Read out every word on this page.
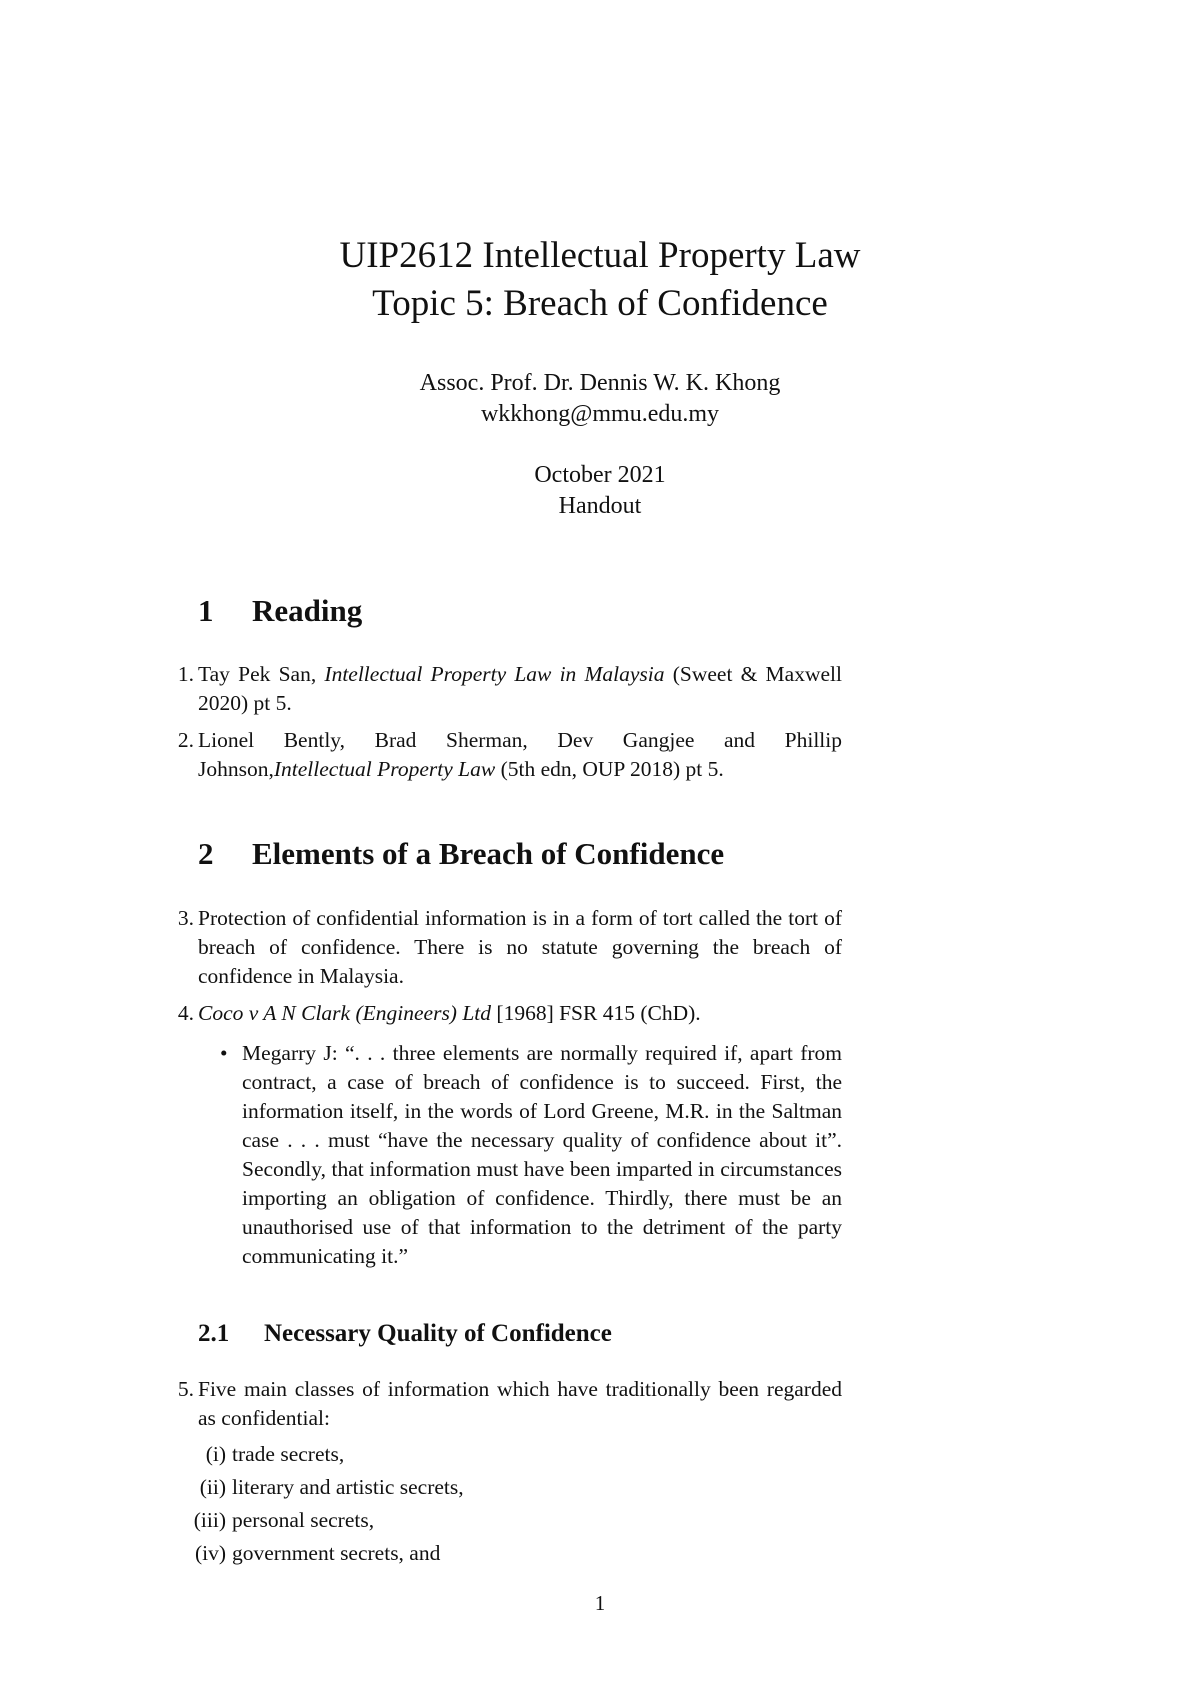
UIP2612 Intellectual Property Law
Topic 5: Breach of Confidence

Assoc. Prof. Dr. Dennis W. K. Khong

wkkhong@mmu.edu.my

October 2021

Handout

1 Reading

1. Tay Pek San, Intellectual Property Law in Malaysia (Sweet & Maxwell 2020) pt 5.

2. Lionel Bently, Brad Sherman, Dev Gangjee and Phillip Johnson,Intellectual Property Law (5th edn, OUP 2018) pt 5.

2 Elements of a Breach of Confidence

3. Protection of confidential information is in a form of tort called the tort of breach of confidence. There is no statute governing the breach of confidence in Malaysia.

4. Coco v A N Clark (Engineers) Ltd [1968] FSR 415 (ChD).

• Megarry J: “. . . three elements are normally required if, apart from contract, a case of breach of confidence is to succeed. First, the information itself, in the words of Lord Greene, M.R. in the Saltman case . . . must “have the necessary quality of confidence about it”. Secondly, that information must have been imparted in circumstances importing an obligation of confidence. Thirdly, there must be an unauthorised use of that information to the detriment of the party communicating it.”

2.1 Necessary Quality of Confidence

5. Five main classes of information which have traditionally been regarded as confidential:

(i) trade secrets,

(ii) literary and artistic secrets,

(iii) personal secrets,

(iv) government secrets, and

1
